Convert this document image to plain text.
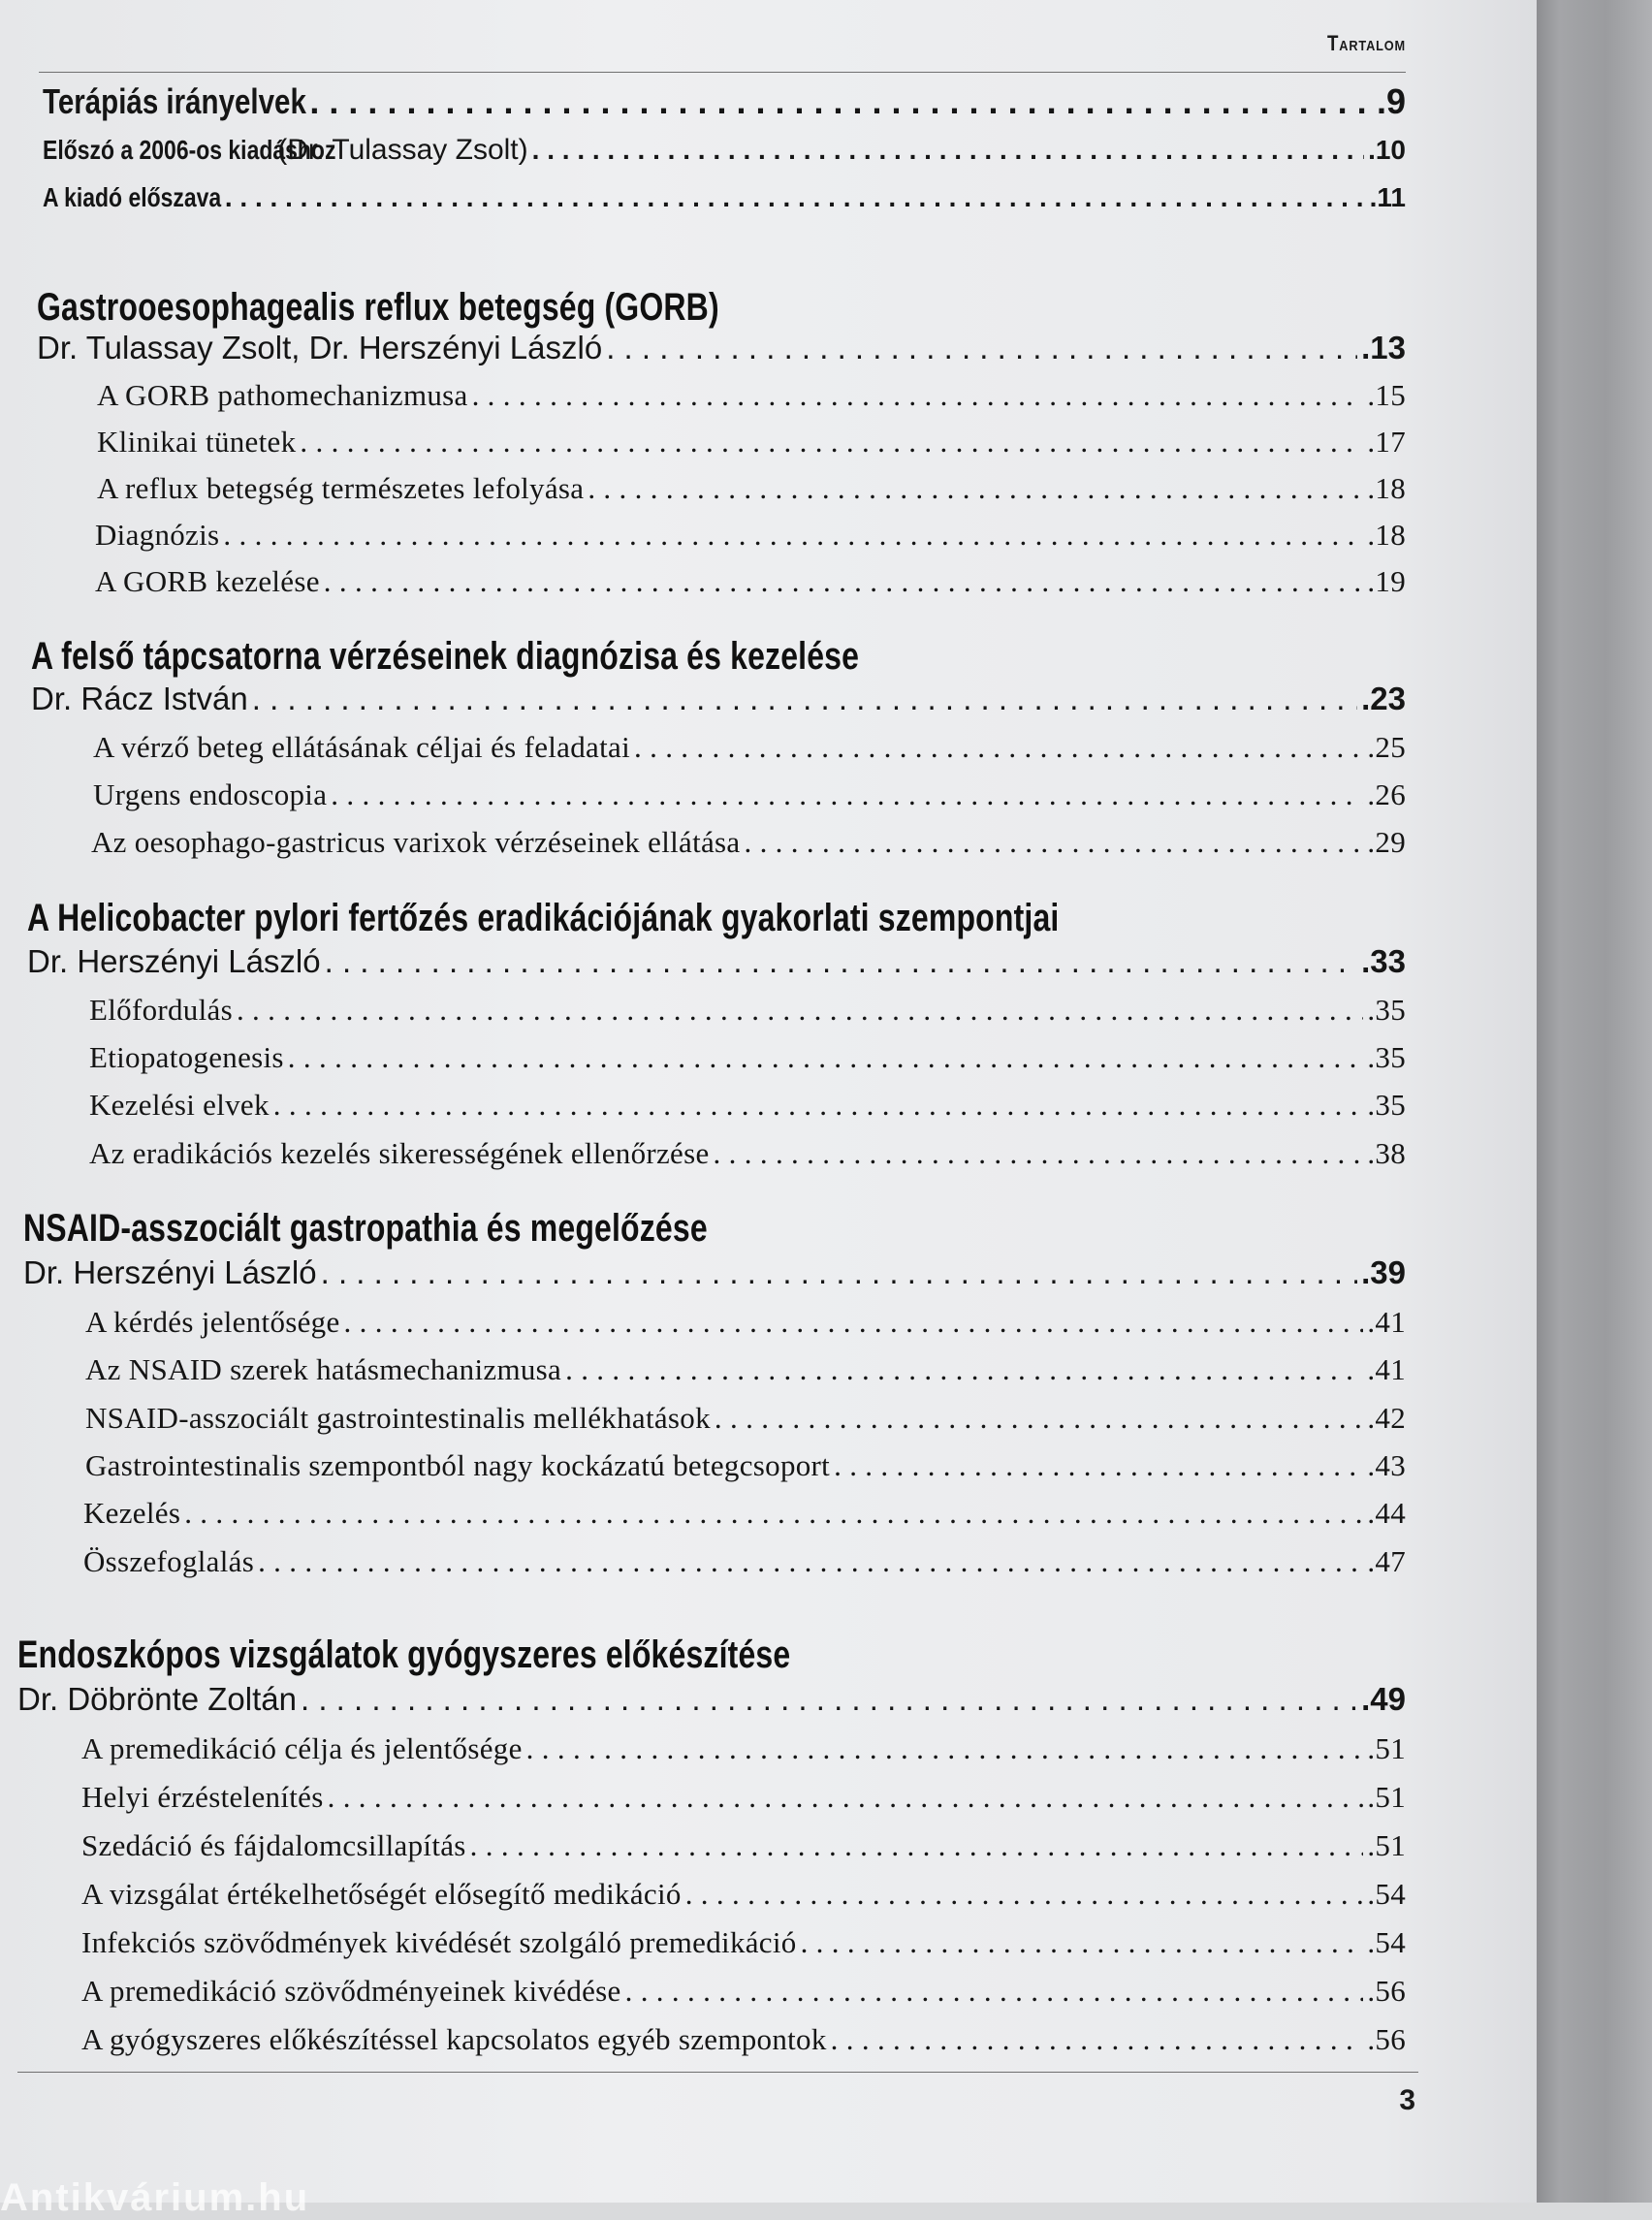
Tartalom
Terápiás irányelvek . . .	.9
Előszó a 2006-os kiadáshoz
(Dr. Tulassay Zsolt) . . .	.10
A kiadó előszava . . .	.11
Gastrooesophagealis reflux betegség (GORB)
Dr. Tulassay Zsolt, Dr. Herszényi László . . .	.13
A GORB pathomechanizmusa . . .	.15
Klinikai tünetek . . .	.17
A reflux betegség természetes lefolyása . . .	.18
Diagnózis . . .	.18
A GORB kezelése . . .	.19
A felső tápcsatorna vérzéseinek diagnózisa és kezelése
Dr. Rácz István . . .	.23
A vérző beteg ellátásának céljai és feladatai . . .	.25
Urgens endoscopia . . .	.26
Az oesophago-gastricus varixok vérzéseinek ellátása . . .	.29
A Helicobacter pylori fertőzés eradikációjának gyakorlati szempontjai
Dr. Herszényi László . . .	.33
Előfordulás . . .	.35
Etiopatogenesis . . .	.35
Kezelési elvek . . .	.35
Az eradikációs kezelés sikerességének ellenőrzése . . .	.38
NSAID-asszociált gastropathia és megelőzése
Dr. Herszényi László . . .	.39
A kérdés jelentősége . . .	.41
Az NSAID szerek hatásmechanizmusa . . .	.41
NSAID-asszociált gastrointestinalis mellékhatások . . .	.42
Gastrointestinalis szempontból nagy kockázatú betegcsoport . . .	.43
Kezelés . . .	.44
Összefoglalás . . .	.47
Endoszkópos vizsgálatok gyógyszeres előkészítése
Dr. Döbrönte Zoltán . . .	.49
A premedikáció célja és jelentősége . . .	.51
Helyi érzéstelenítés . . .	.51
Szedáció és fájdalomcsillapítás . . .	.51
A vizsgálat értékelhetőségét elősegítő medikáció . . .	.54
Infekciós szövődmények kivédését szolgáló premedikáció . . .	.54
A premedikáció szövődményeinek kivédése . . .	.56
A gyógyszeres előkészítéssel kapcsolatos egyéb szempontok . . .	.56
3
Antikvárium.hu
